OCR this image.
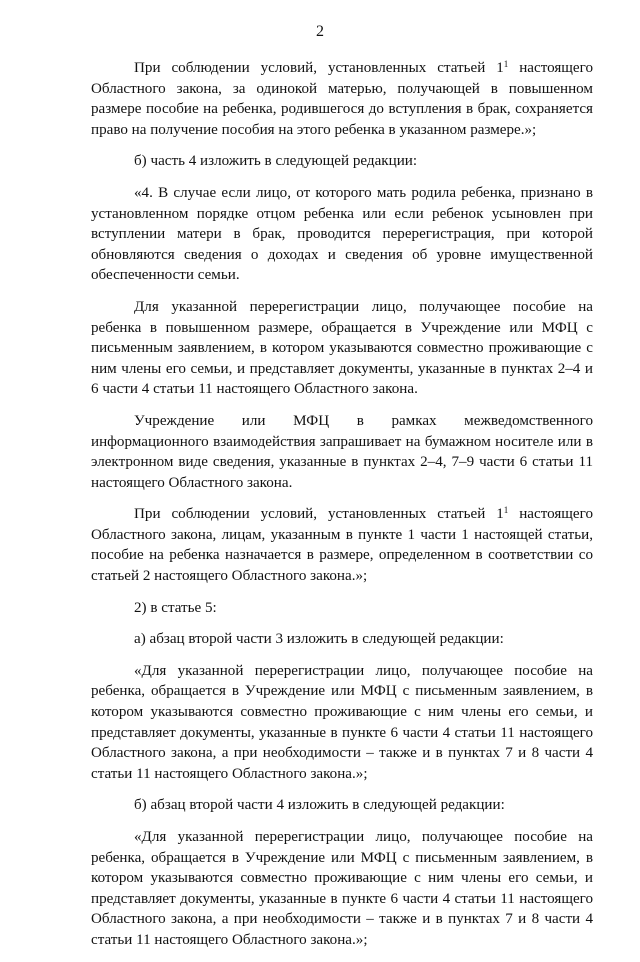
2

При соблюдении условий, установленных статьей $1^1$ настоящего Областного закона, за одинокой матерью, получающей в повышенном размере пособие на ребенка, родившегося до вступления в брак, сохраняется право на получение пособия на этого ребенка в указанном размере.»;

б) часть 4 изложить в следующей редакции:

«4. В случае если лицо, от которого мать родила ребенка, признано в установленном порядке отцом ребенка или если ребенок усыновлен при вступлении матери в брак, проводится перерегистрация, при которой обновляются сведения о доходах и сведения об уровне имущественной обеспеченности семьи.

Для указанной перерегистрации лицо, получающее пособие на ребенка в повышенном размере, обращается в Учреждение или МФЦ с письменным заявлением, в котором указываются совместно проживающие с ним члены его семьи, и представляет документы, указанные в пунктах 2–4 и 6 части 4 статьи 11 настоящего Областного закона.

Учреждение или МФЦ в рамках межведомственного информационного взаимодействия запрашивает на бумажном носителе или в электронном виде сведения, указанные в пунктах 2–4, 7–9 части 6 статьи 11 настоящего Областного закона.

При соблюдении условий, установленных статьей $1^1$ настоящего Областного закона, лицам, указанным в пункте 1 части 1 настоящей статьи, пособие на ребенка назначается в размере, определенном в соответствии со статьей 2 настоящего Областного закона.»;

2) в статье 5:

а) абзац второй части 3 изложить в следующей редакции:

«Для указанной перерегистрации лицо, получающее пособие на ребенка, обращается в Учреждение или МФЦ с письменным заявлением, в котором указываются совместно проживающие с ним члены его семьи, и представляет документы, указанные в пункте 6 части 4 статьи 11 настоящего Областного закона, а при необходимости – также и в пунктах 7 и 8 части 4 статьи 11 настоящего Областного закона.»;

б) абзац второй части 4 изложить в следующей редакции:

«Для указанной перерегистрации лицо, получающее пособие на ребенка, обращается в Учреждение или МФЦ с письменным заявлением, в котором указываются совместно проживающие с ним члены его семьи, и представляет документы, указанные в пункте 6 части 4 статьи 11 настоящего Областного закона, а при необходимости – также и в пунктах 7 и 8 части 4 статьи 11 настоящего Областного закона.»;
